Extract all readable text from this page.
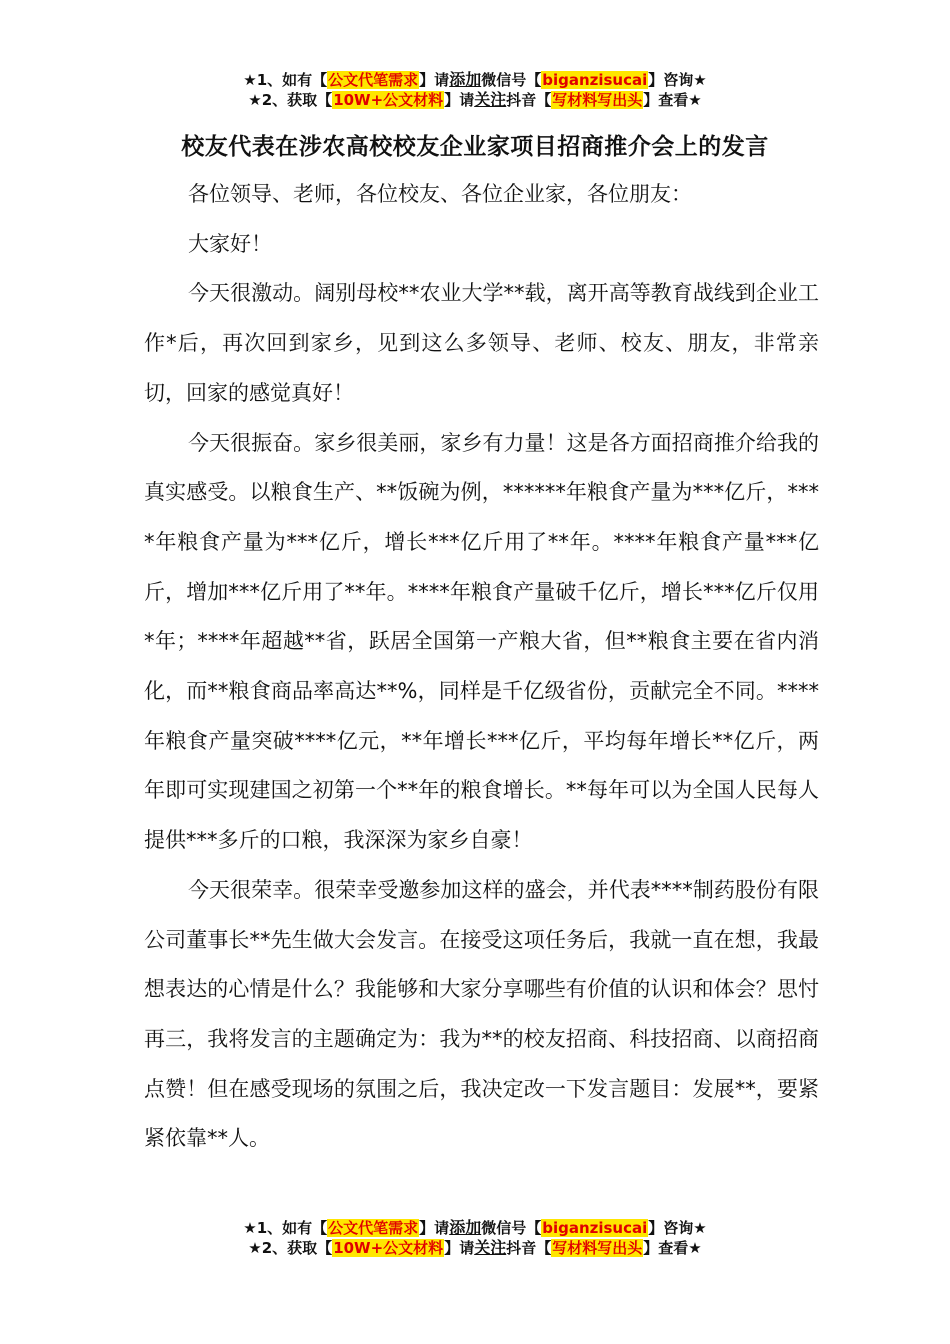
★1、如有【公文代笔需求】请添加微信号【biganzisucai】咨询★
★2、获取【10W+公文材料】请关注抖音【写材料写出头】查看★
校友代表在涉农高校校友企业家项目招商推介会上的发言

各位领导、老师，各位校友、各位企业家，各位朋友：

大家好！

今天很激动。阔别母校**农业大学**载，离开高等教育战线到企业工作*后，再次回到家乡，见到这么多领导、老师、校友、朋友，非常亲切，回家的感觉真好！

今天很振奋。家乡很美丽，家乡有力量！这是各方面招商推介给我的真实感受。以粮食生产、**饭碗为例，******年粮食产量为***亿斤，****年粮食产量为***亿斤，增长***亿斤用了**年。****年粮食产量***亿斤，增加***亿斤用了**年。****年粮食产量破千亿斤，增长***亿斤仅用*年；****年超越**省，跃居全国第一产粮大省，但**粮食主要在省内消化，而**粮食商品率高达**%，同样是千亿级省份，贡献完全不同。****年粮食产量突破****亿元，**年增长***亿斤，平均每年增长**亿斤，两年即可实现建国之初第一个**年的粮食增长。**每年可以为全国人民每人提供***多斤的口粮，我深深为家乡自豪！

今天很荣幸。很荣幸受邀参加这样的盛会，并代表****制药股份有限公司董事长**先生做大会发言。在接受这项任务后，我就一直在想，我最想表达的心情是什么？我能够和大家分享哪些有价值的认识和体会？思忖再三，我将发言的主题确定为：我为**的校友招商、科技招商、以商招商点赞！但在感受现场的氛围之后，我决定改一下发言题目：发展**，要紧紧依靠**人。

★1、如有【公文代笔需求】请添加微信号【biganzisucai】咨询★
★2、获取【10W+公文材料】请关注抖音【写材料写出头】查看★
